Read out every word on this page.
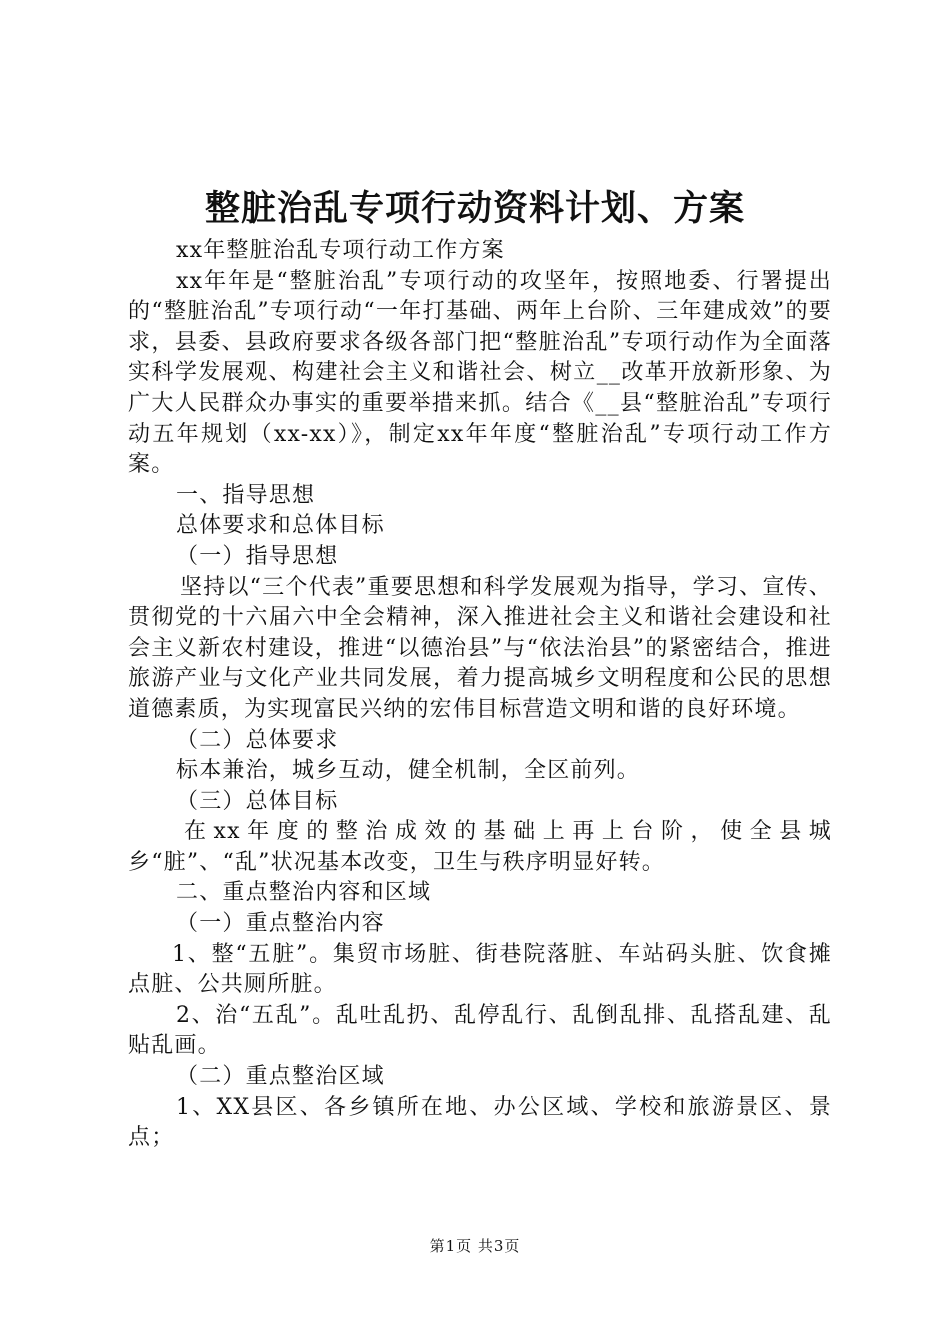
整脏治乱专项行动资料计划、方案

xx年整脏治乱专项行动工作方案

xx年年是“整脏治乱”专项行动的攻坚年，按照地委、行署提出的“整脏治乱”专项行动“一年打基础、两年上台阶、三年建成效”的要求，县委、县政府要求各级各部门把“整脏治乱”专项行动作为全面落实科学发展观、构建社会主义和谐社会、树立__改革开放新形象、为广大人民群众办事实的重要举措来抓。结合《__县“整脏治乱”专项行动五年规划（xx-xx）》，制定xx年年度“整脏治乱”专项行动工作方案。

一、指导思想

总体要求和总体目标

（一）指导思想

坚持以“三个代表”重要思想和科学发展观为指导，学习、宣传、贯彻党的十六届六中全会精神，深入推进社会主义和谐社会建设和社会主义新农村建设，推进“以德治县”与“依法治县”的紧密结合，推进旅游产业与文化产业共同发展，着力提高城乡文明程度和公民的思想道德素质，为实现富民兴纳的宏伟目标营造文明和谐的良好环境。

（二）总体要求

标本兼治，城乡互动，健全机制，全区前列。

（三）总体目标

在xx年度的整治成效的基础上再上台阶，使全县城乡“脏”、“乱”状况基本改变，卫生与秩序明显好转。

二、重点整治内容和区域

（一）重点整治内容

1、整“五脏”。集贸市场脏、街巷院落脏、车站码头脏、饮食摊点脏、公共厕所脏。

2、治“五乱”。乱吐乱扔、乱停乱行、乱倒乱排、乱搭乱建、乱贴乱画。

（二）重点整治区域

1、XX县区、各乡镇所在地、办公区域、学校和旅游景区、景点；

第1页 共3页
